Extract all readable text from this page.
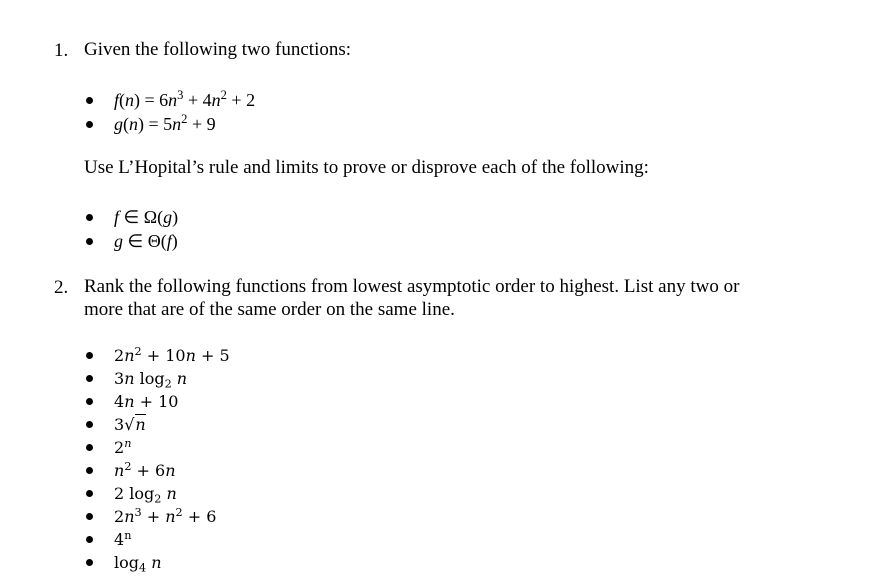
1. Given the following two functions:
$f(n) = 6n^3 + 4n^2 + 2$
$g(n) = 5n^2 + 9$
Use L’Hopital’s rule and limits to prove or disprove each of the following:
f ∈ Ω(g)
g ∈ Θ(f)
2. Rank the following functions from lowest asymptotic order to highest. List any two or
more that are of the same order on the same line.
$2n^2 + 10n + 5$
3n $\log_2 n$
4n + 10
3√n
2$^n$
$n^2 + 6n$
2 $\log_2 n$
$2n^3 + n^2 + 6$
4$^n$
$\log_4 n$
